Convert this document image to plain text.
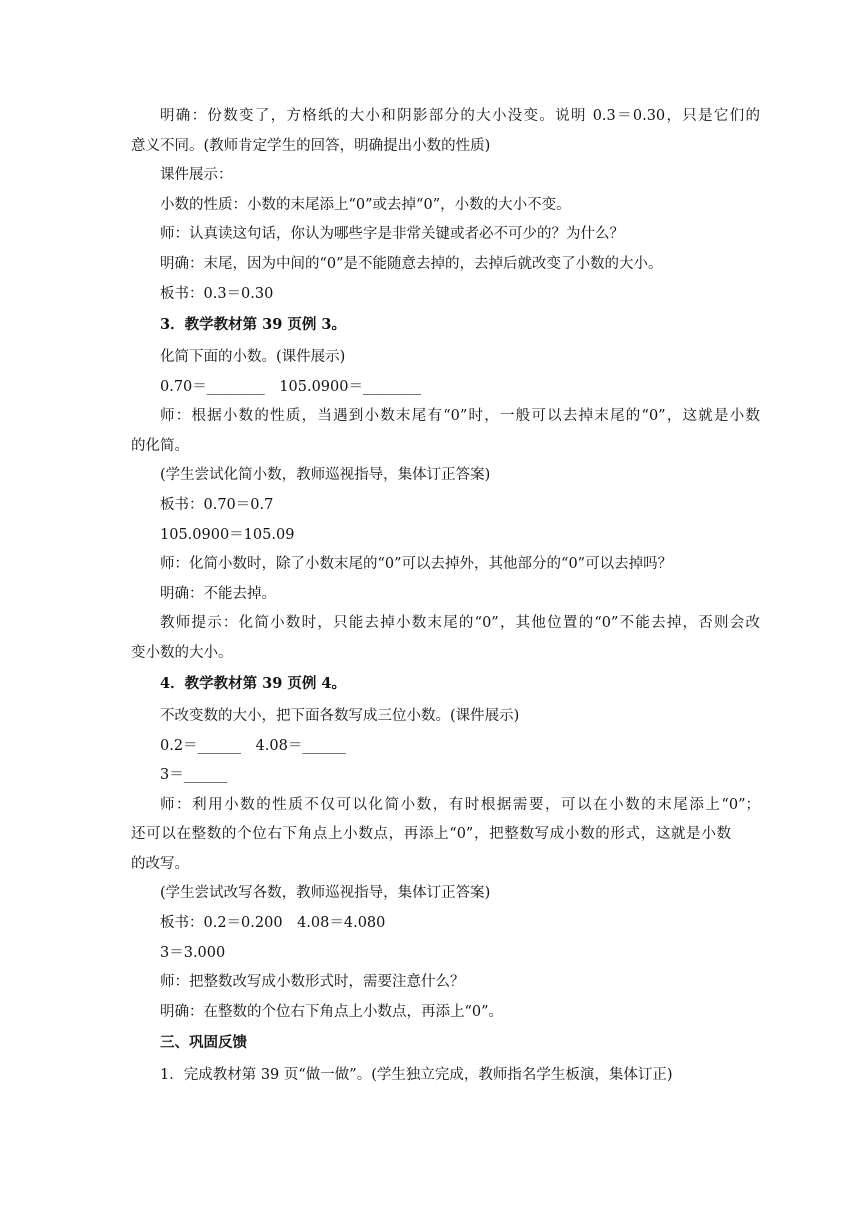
明确：份数变了，方格纸的大小和阴影部分的大小没变。说明 0.3＝0.30，只是它们的
意义不同。(教师肯定学生的回答，明确提出小数的性质)
课件展示：
小数的性质：小数的末尾添上“0”或去掉“0”，小数的大小不变。
师：认真读这句话，你认为哪些字是非常关键或者必不可少的？为什么？
明确：末尾，因为中间的“0”是不能随意去掉的，去掉后就改变了小数的大小。
板书：0.3＝0.30
3．教学教材第 39 页例 3。
化简下面的小数。(课件展示)
0.70＝________　105.0900＝________
师：根据小数的性质，当遇到小数末尾有“0”时，一般可以去掉末尾的“0”，这就是小数
的化简。
(学生尝试化简小数，教师巡视指导，集体订正答案)
板书：0.70＝0.7
105.0900＝105.09
师：化简小数时，除了小数末尾的“0”可以去掉外，其他部分的“0”可以去掉吗？
明确：不能去掉。
教师提示：化简小数时，只能去掉小数末尾的“0”，其他位置的“0”不能去掉，否则会改
变小数的大小。
4．教学教材第 39 页例 4。
不改变数的大小，把下面各数写成三位小数。(课件展示)
0.2＝______　4.08＝______
3＝______
师：利用小数的性质不仅可以化简小数，有时根据需要，可以在小数的末尾添上“0”；
还可以在整数的个位右下角点上小数点，再添上“0”，把整数写成小数的形式，这就是小数
的改写。
(学生尝试改写各数，教师巡视指导，集体订正答案)
板书：0.2＝0.200　4.08＝4.080
3＝3.000
师：把整数改写成小数形式时，需要注意什么？
明确：在整数的个位右下角点上小数点，再添上“0”。
三、巩固反馈
1．完成教材第 39 页“做一做”。(学生独立完成，教师指名学生板演，集体订正)
